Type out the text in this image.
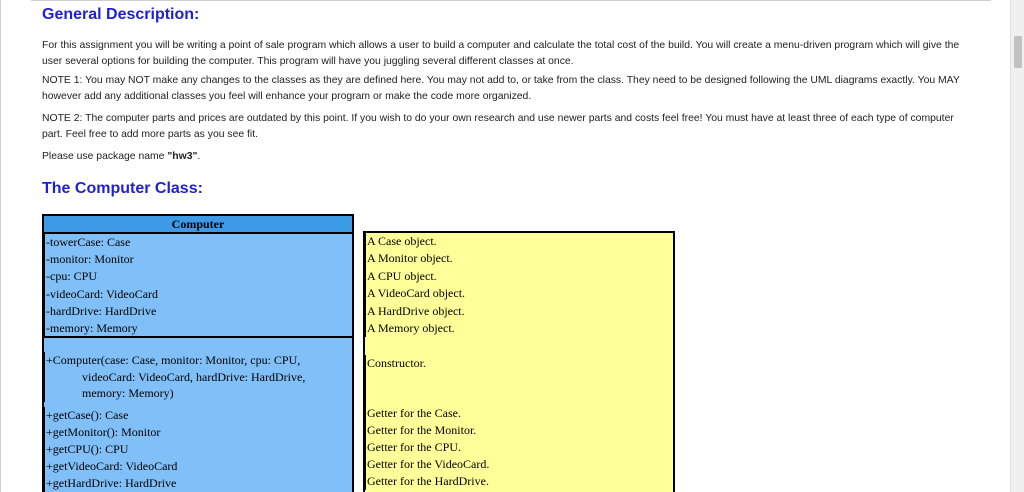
General Description:

For this assignment you will be writing a point of sale program which allows a user to build a computer and calculate the total cost of the build. You will create a menu-driven program which will give the user several options for building the computer. This program will have you juggling several different classes at once.

NOTE 1: You may NOT make any changes to the classes as they are defined here. You may not add to, or take from the class. They need to be designed following the UML diagrams exactly. You MAY however add any additional classes you feel will enhance your program or make the code more organized.

NOTE 2: The computer parts and prices are outdated by this point. If you wish to do your own research and use newer parts and costs feel free! You must have at least three of each type of computer part. Feel free to add more parts as you see fit.

Please use package name "hw3".

The Computer Class:
Computer
-towerCase: Case
-monitor: Monitor
-cpu: CPU
-videoCard: VideoCard
-hardDrive: HardDrive
-memory: Memory
+Computer(case: Case, monitor: Monitor, cpu: CPU,
videoCard: VideoCard, hardDrive: HardDrive,
memory: Memory)
+getCase(): Case
+getMonitor(): Monitor
+getCPU(): CPU
+getVideoCard: VideoCard
+getHardDrive: HardDrive
A Case object.
A Monitor object.
A CPU object.
A VideoCard object.
A HardDrive object.
A Memory object.
Constructor.
Getter for the Case.
Getter for the Monitor.
Getter for the CPU.
Getter for the VideoCard.
Getter for the HardDrive.
